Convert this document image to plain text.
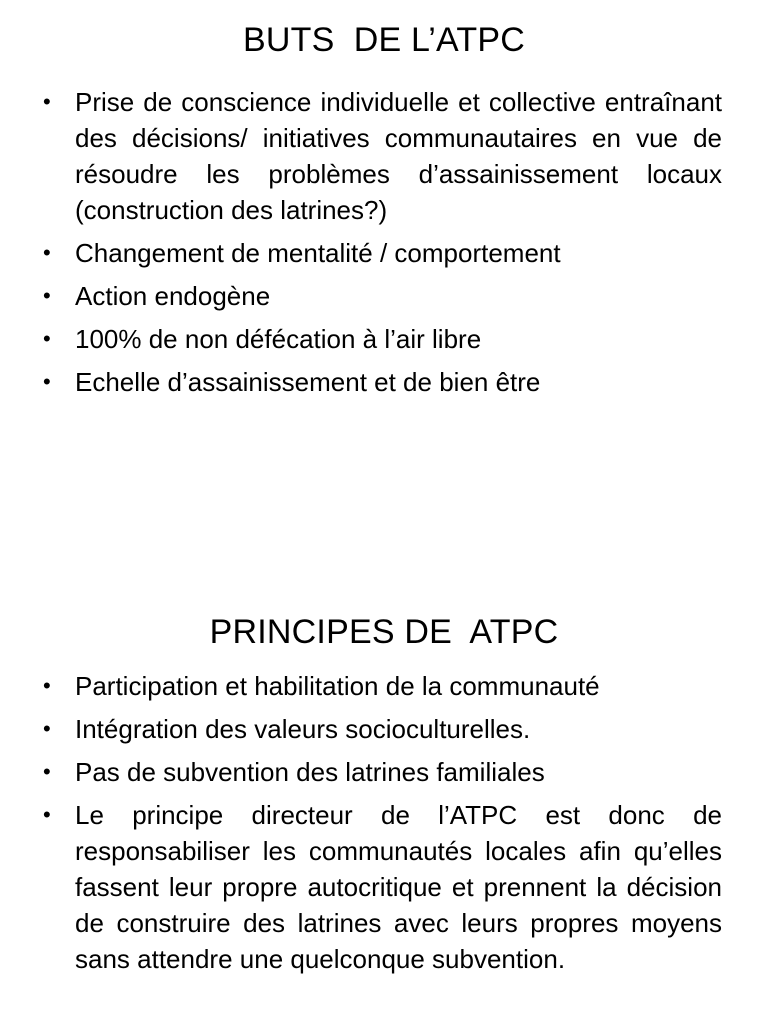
BUTS  DE L’ATPC
• Prise de conscience individuelle et collective entraînant des décisions/ initiatives communautaires en vue de résoudre les problèmes d’assainissement locaux (construction des latrines?)
• Changement de mentalité / comportement
• Action endogène
• 100% de non défécation à l’air libre
• Echelle d’assainissement et de bien être
PRINCIPES DE  ATPC
• Participation et habilitation de la communauté
• Intégration des valeurs socioculturelles.
• Pas de subvention des latrines familiales
• Le principe directeur de l’ATPC est donc de responsabiliser les communautés locales afin qu’elles fassent leur propre autocritique et prennent la décision de construire des latrines avec leurs propres moyens sans attendre une quelconque subvention.
